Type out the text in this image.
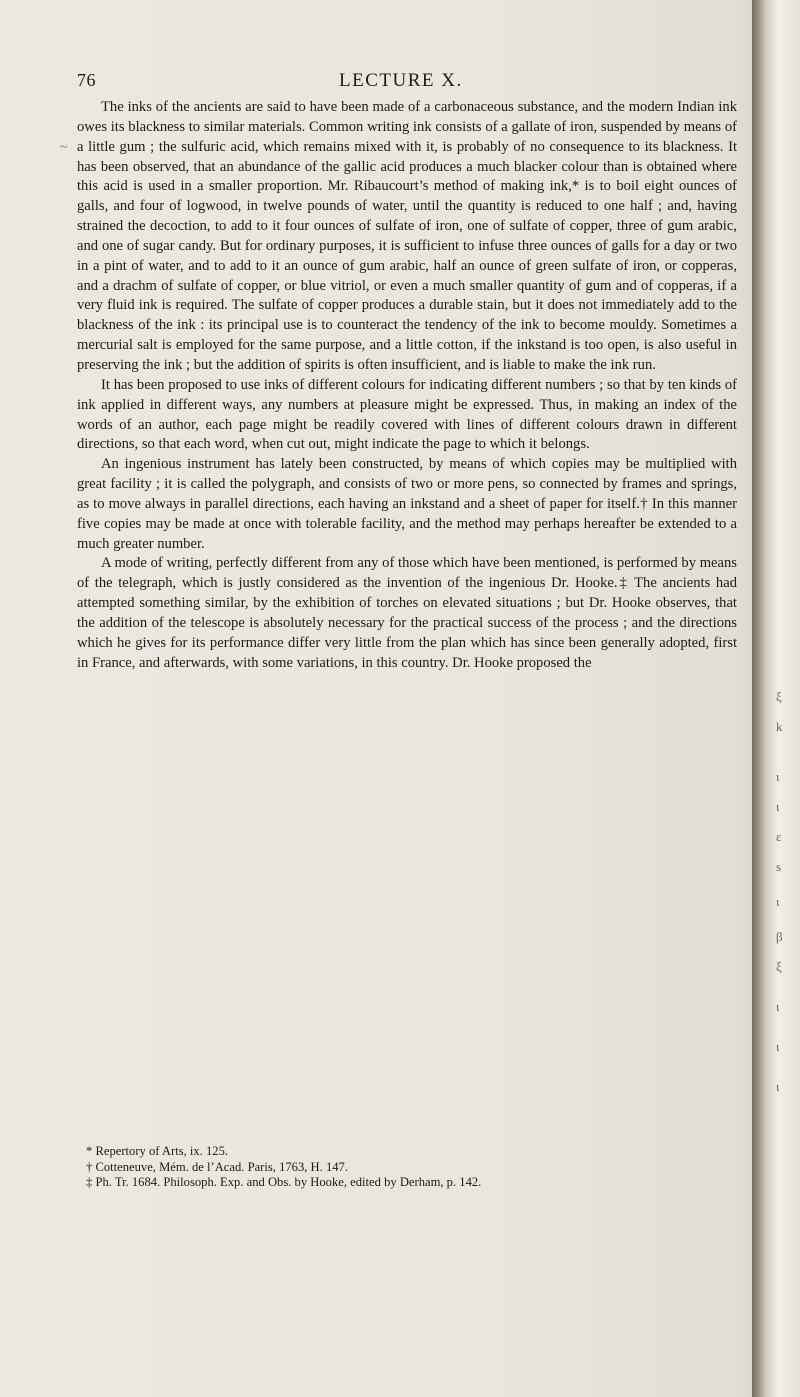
~
76	LECTURE X.

The inks of the ancients are said to have been made of a carbonaceous substance, and the modern Indian ink owes its blackness to similar materials. Common writing ink consists of a gallate of iron, suspended by means of a little gum ; the sulfuric acid, which remains mixed with it, is probably of no consequence to its blackness. It has been observed, that an abundance of the gallic acid produces a much blacker colour than is obtained where this acid is used in a smaller proportion. Mr. Ribaucourt’s method of making ink,* is to boil eight ounces of galls, and four of logwood, in twelve pounds of water, until the quantity is reduced to one half ; and, having strained the decoction, to add to it four ounces of sulfate of iron, one of sulfate of copper, three of gum arabic, and one of sugar candy. But for ordinary purposes, it is sufficient to infuse three ounces of galls for a day or two in a pint of water, and to add to it an ounce of gum arabic, half an ounce of green sulfate of iron, or copperas, and a drachm of sulfate of copper, or blue vitriol, or even a much smaller quantity of gum and of copperas, if a very fluid ink is required. The sulfate of copper produces a durable stain, but it does not immediately add to the blackness of the ink : its principal use is to counteract the tendency of the ink to become mouldy. Sometimes a mercurial salt is employed for the same purpose, and a little cotton, if the inkstand is too open, is also useful in preserving the ink ; but the addition of spirits is often insufficient, and is liable to make the ink run.

It has been proposed to use inks of different colours for indicating different numbers ; so that by ten kinds of ink applied in different ways, any numbers at pleasure might be expressed. Thus, in making an index of the words of an author, each page might be readily covered with lines of different colours drawn in different directions, so that each word, when cut out, might indicate the page to which it belongs.

An ingenious instrument has lately been constructed, by means of which copies may be multiplied with great facility ; it is called the polygraph, and consists of two or more pens, so connected by frames and springs, as to move always in parallel directions, each having an inkstand and a sheet of paper for itself.† In this manner five copies may be made at once with tolerable facility, and the method may perhaps hereafter be extended to a much greater number.

A mode of writing, perfectly different from any of those which have been mentioned, is performed by means of the telegraph, which is justly considered as the invention of the ingenious Dr. Hooke.‡ The ancients had attempted something similar, by the exhibition of torches on elevated situations ; but Dr. Hooke observes, that the addition of the telescope is absolutely necessary for the practical success of the process ; and the directions which he gives for its performance differ very little from the plan which has since been generally adopted, first in France, and afterwards, with some variations, in this country. Dr. Hooke proposed the

* Repertory of Arts, ix. 125.
† Cotteneuve, Mém. de l’Acad. Paris, 1763, H. 147.
‡ Ph. Tr. 1684. Philosoph. Exp. and Obs. by Hooke, edited by Derham, p. 142.
ξ
k
ɩ
ɩ
ε
s
ι
β
ξ
ι
ι
ι
